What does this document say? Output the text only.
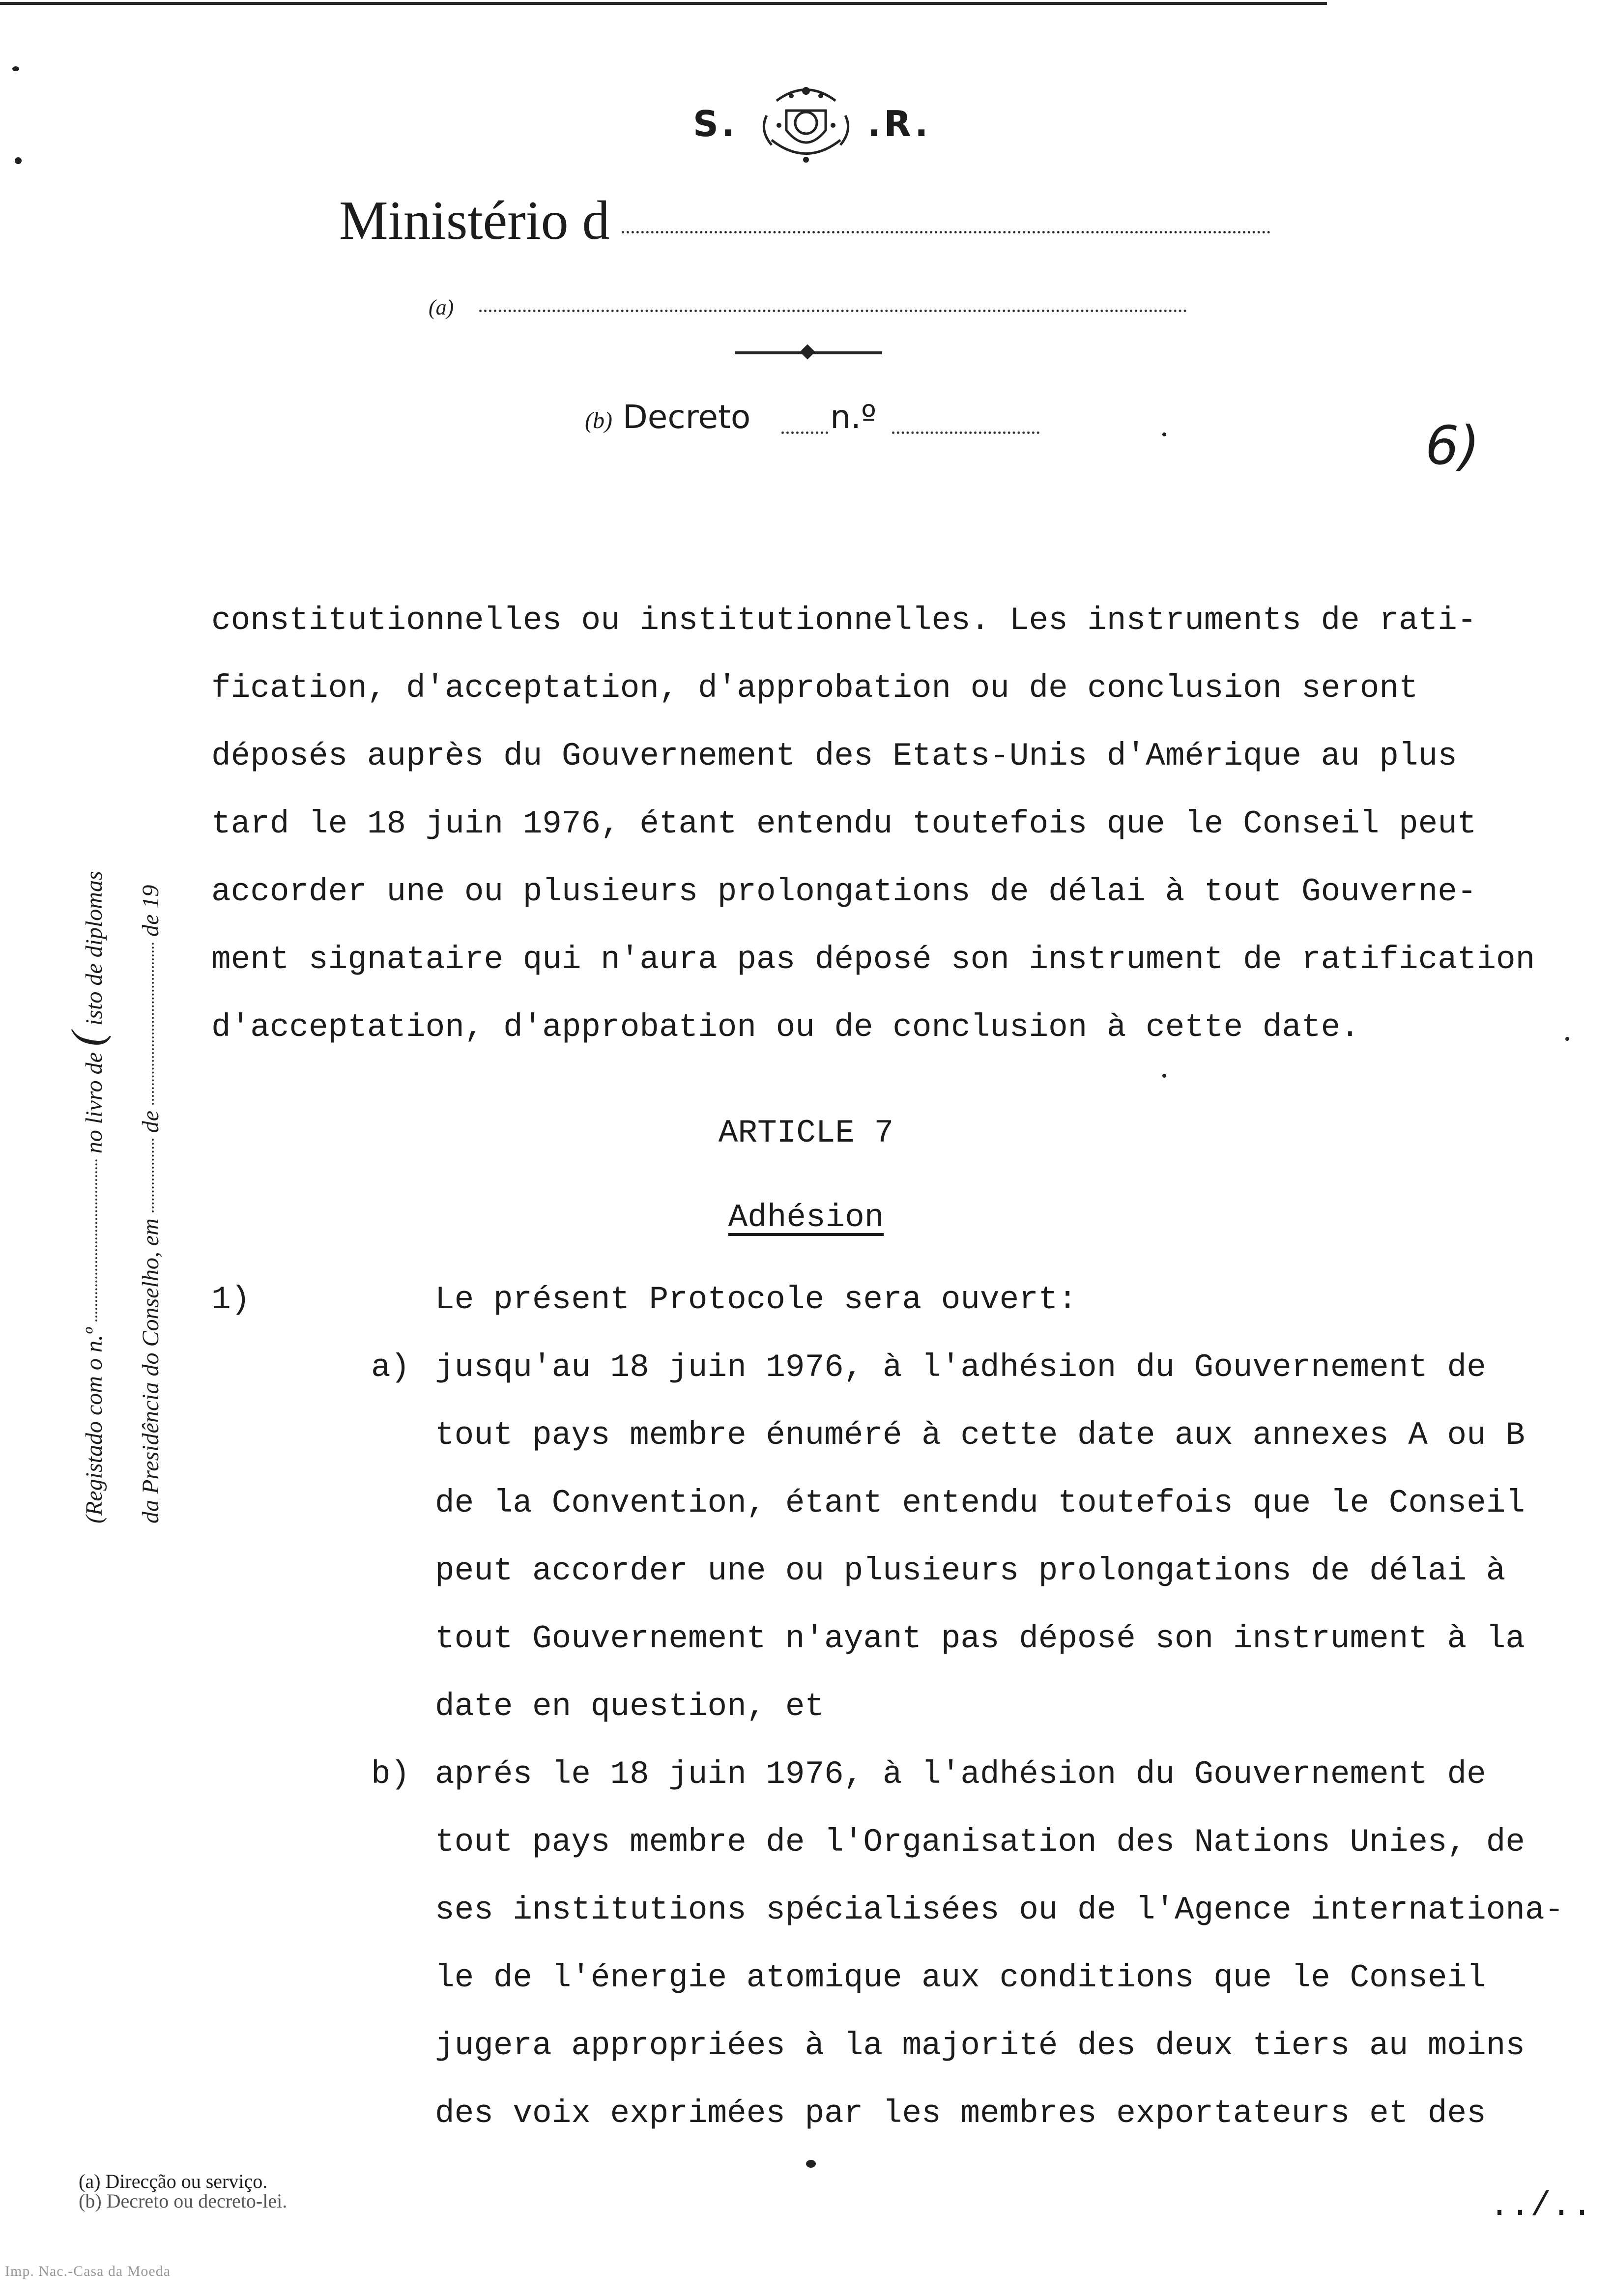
S.	.R.
Ministério d
(a)
(b) Decreto n.º	6)
(Registado com o n.º  no livro de ( isto de diplomas
da Presidência do Conselho, em  de  de 19
constitutionnelles ou institutionnelles. Les instruments de rati-
fication, d'acceptation, d'approbation ou de conclusion seront
déposés auprès du Gouvernement des Etats-Unis d'Amérique au plus
tard le 18 juin 1976, étant entendu toutefois que le Conseil peut
accorder une ou plusieurs prolongations de délai à tout Gouverne-
ment signataire qui n'aura pas déposé son instrument de ratification
d'acceptation, d'approbation ou de conclusion à cette date.
ARTICLE 7
Adhésion
1)	Le présent Protocole sera ouvert:
a) jusqu'au 18 juin 1976, à l'adhésion du Gouvernement de
tout pays membre énuméré à cette date aux annexes A ou B
de la Convention, étant entendu toutefois que le Conseil
peut accorder une ou plusieurs prolongations de délai à
tout Gouvernement n'ayant pas déposé son instrument à la
date en question, et
b) aprés le 18 juin 1976, à l'adhésion du Gouvernement de
tout pays membre de l'Organisation des Nations Unies, de
ses institutions spécialisées ou de l'Agence internationa-
le de l'énergie atomique aux conditions que le Conseil
jugera appropriées à la majorité des deux tiers au moins
des voix exprimées par les membres exportateurs et des
(a) Direcção ou serviço.
(b) Decreto ou decreto-lei.	../..
Imp. Nac.-Casa da Moeda
